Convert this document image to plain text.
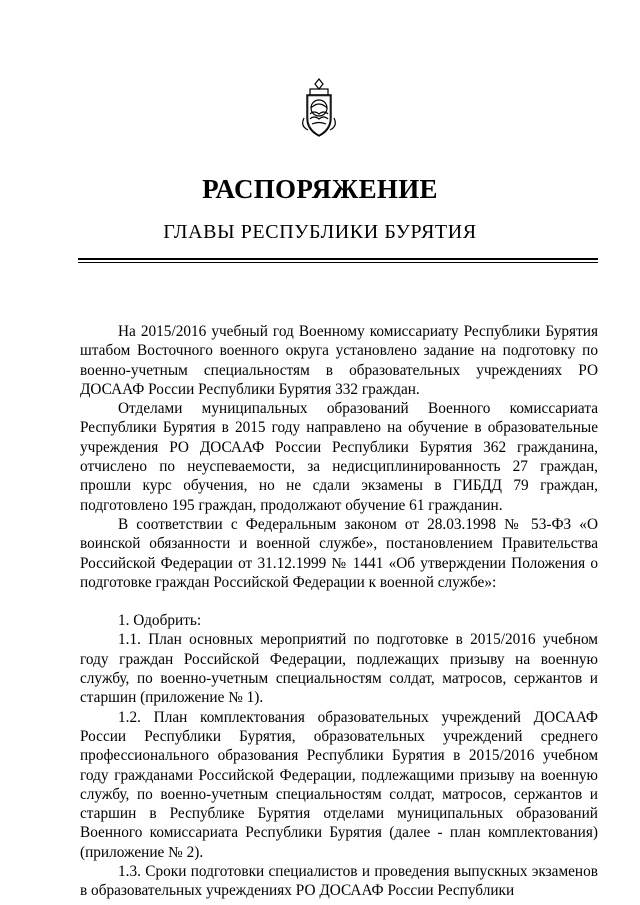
РАСПОРЯЖЕНИЕ
ГЛАВЫ РЕСПУБЛИКИ БУРЯТИЯ

На 2015/2016 учебный год Военному комиссариату Республики Бурятия штабом Восточного военного округа установлено задание на подготовку по военно-учетным специальностям в образовательных учреждениях РО ДОСААФ России Республики Бурятия 332 граждан.

Отделами муниципальных образований Военного комиссариата Республики Бурятия в 2015 году направлено на обучение в образовательные учреждения РО ДОСААФ России Республики Бурятия 362 гражданина, отчислено по неуспеваемости, за недисциплинированность 27 граждан, прошли курс обучения, но не сдали экзамены в ГИБДД 79 граждан, подготовлено 195 граждан, продолжают обучение 61 гражданин.

В соответствии с Федеральным законом от 28.03.1998 № 53-ФЗ «О воинской обязанности и военной службе», постановлением Правительства Российской Федерации от 31.12.1999 № 1441 «Об утверждении Положения о подготовке граждан Российской Федерации к военной службе»:

1. Одобрить:

1.1. План основных мероприятий по подготовке в 2015/2016 учебном году граждан Российской Федерации, подлежащих призыву на военную службу, по военно-учетным специальностям солдат, матросов, сержантов и старшин (приложение № 1).

1.2. План комплектования образовательных учреждений ДОСААФ России Республики Бурятия, образовательных учреждений среднего профессионального образования Республики Бурятия в 2015/2016 учебном году гражданами Российской Федерации, подлежащими призыву на военную службу, по военно-учетным специальностям солдат, матросов, сержантов и старшин в Республике Бурятия отделами муниципальных образований Военного комиссариата Республики Бурятия (далее - план комплектования) (приложение № 2).

1.3. Сроки подготовки специалистов и проведения выпускных экзаменов в образовательных учреждениях РО ДОСААФ России Республики
